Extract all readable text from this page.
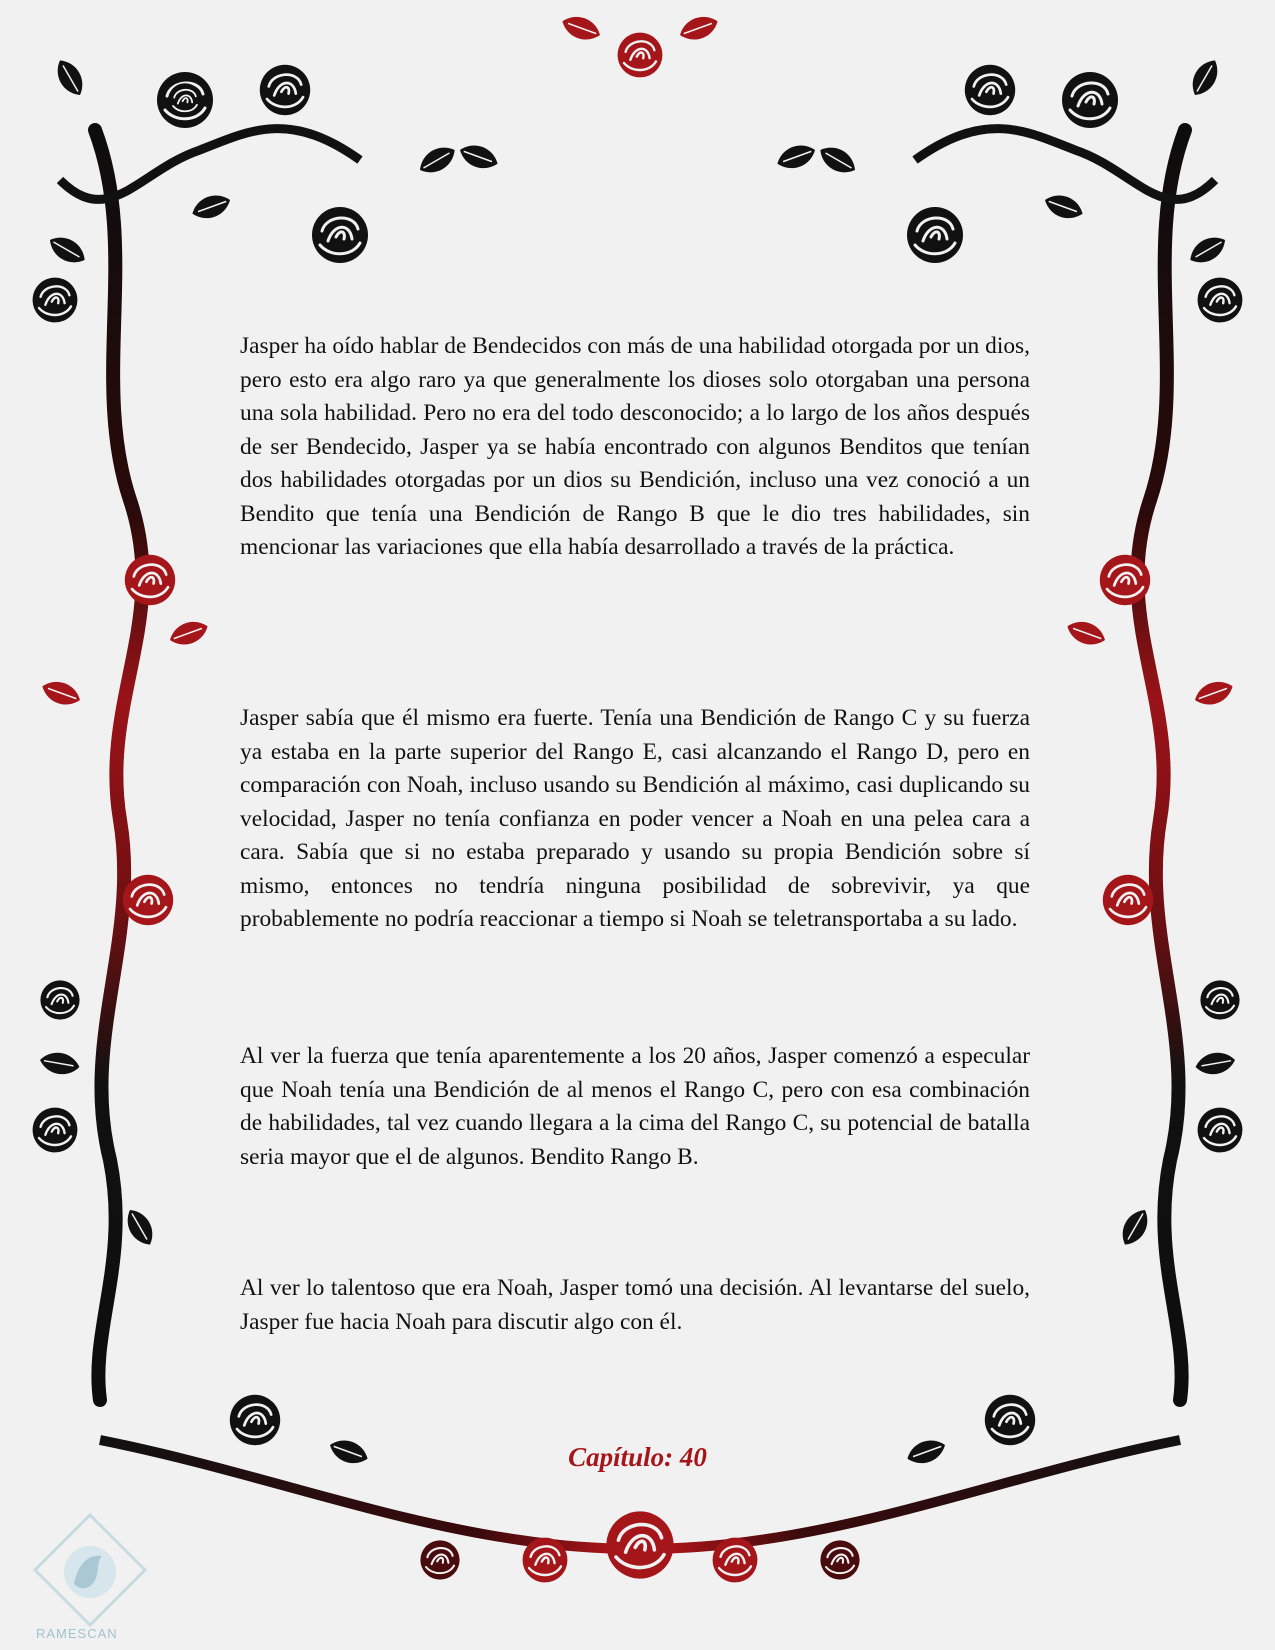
Jasper ha oído hablar de Bendecidos con más de una habilidad otorgada por un dios, pero esto era algo raro ya que generalmente los dioses solo otorgaban una persona una sola habilidad. Pero no era del todo desconocido; a lo largo de los años después de ser Bendecido, Jasper ya se había encontrado con algunos Benditos que tenían dos habilidades otorgadas por un dios su Bendición, incluso una vez conoció a un Bendito que tenía una Bendición de Rango B que le dio tres habilidades, sin mencionar las variaciones que ella había desarrollado a través de la práctica.

Jasper sabía que él mismo era fuerte. Tenía una Bendición de Rango C y su fuerza ya estaba en la parte superior del Rango E, casi alcanzando el Rango D, pero en comparación con Noah, incluso usando su Bendición al máximo, casi duplicando su velocidad, Jasper no tenía confianza en poder vencer a Noah en una pelea cara a cara. Sabía que si no estaba preparado y usando su propia Bendición sobre sí mismo, entonces no tendría ninguna posibilidad de sobrevivir, ya que probablemente no podría reaccionar a tiempo si Noah se teletransportaba a su lado.

Al ver la fuerza que tenía aparentemente a los 20 años, Jasper comenzó a especular que Noah tenía una Bendición de al menos el Rango C, pero con esa combinación de habilidades, tal vez cuando llegara a la cima del Rango C, su potencial de batalla seria mayor que el de algunos. Bendito Rango B.

Al ver lo talentoso que era Noah, Jasper tomó una decisión. Al levantarse del suelo, Jasper fue hacia Noah para discutir algo con él.

Capítulo: 40
RAMESCAN
